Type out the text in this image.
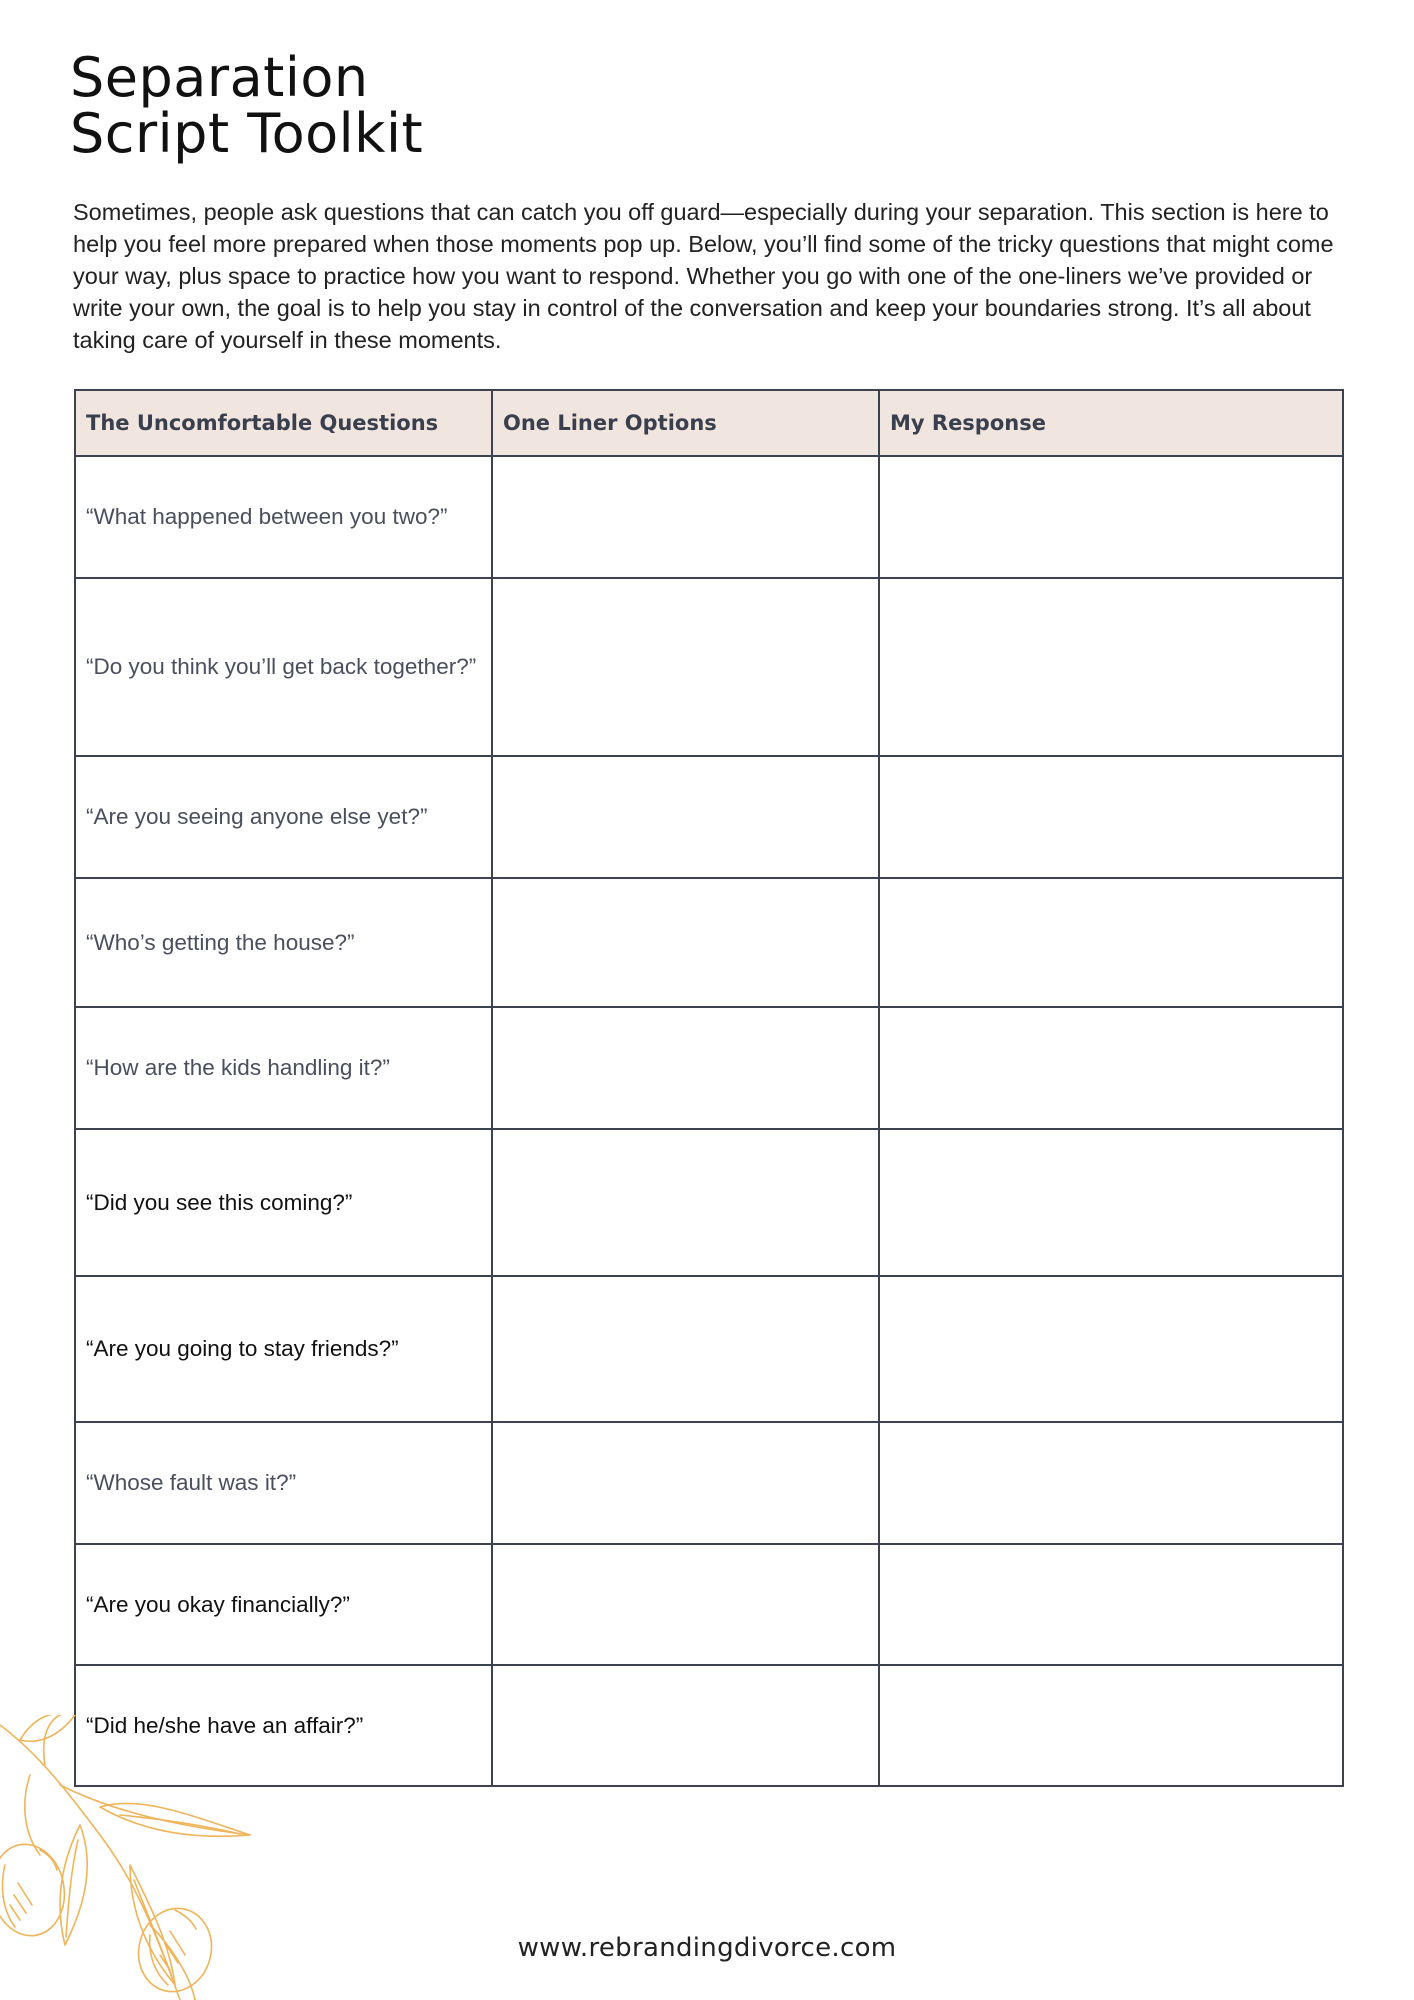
Separation
Script Toolkit

Sometimes, people ask questions that can catch you off guard—especially during your separation. This section is here to help you feel more prepared when those moments pop up. Below, you’ll find some of the tricky questions that might come your way, plus space to practice how you want to respond. Whether you go with one of the one-liners we’ve provided or write your own, the goal is to help you stay in control of the conversation and keep your boundaries strong. It’s all about taking care of yourself in these moments.

The Uncomfortable Questions	One Liner Options	My Response
“What happened between you two?”		
“Do you think you’ll get back together?”		
“Are you seeing anyone else yet?”		
“Who’s getting the house?”		
“How are the kids handling it?”		
“Did you see this coming?”		
“Are you going to stay friends?”		
“Whose fault was it?”		
“Are you okay financially?”		
“Did he/she have an affair?”		
www.rebrandingdivorce.com
